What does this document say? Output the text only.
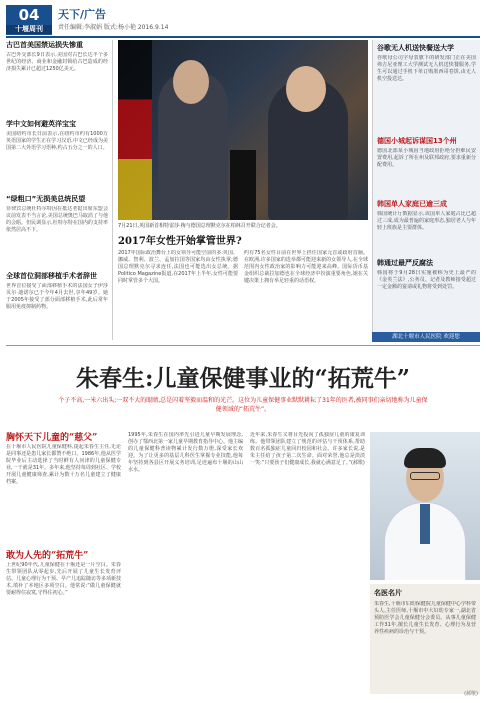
04
十堰周刊
天下/广告
责任编辑:李淑娟 版式:杨小艳 2016.9.14
古巴首美国禁运损失惨重

古巴外交部长9日表示,美国对古巴长达半个多世纪的经济、商业和金融封锁给古巴造成的经济损失累计已超过1250亿美元。

学中文如何避英洋宝宝

美国纽约市长日前表示,在纽约市约有1000万英语国家的学生正在学习汉语,中文已经成为美国第二大外语学习语种,约占五分之一的人口。

“绿粗口”无损美总统民望

菲律宾总统杜特尔特因在抵达老挝出席东盟会议前发表不当言论,美国总统奥巴马取消了与他的会晤。但民调显示,杜特尔特在国内的支持率依然居高不下。

全球首位洞部移植手术者辞世

世界首位接受了面部移植手术的法国女子伊莎贝尔·迪诺尔已于今年4月去世,享年49岁。她于2005年接受了部分面部移植手术,此后常年服用免疫抑制药物。

7月21日,英国新首相特雷莎·梅与德国总理默克尔在柏林召开联合记者会。
2017年女性开始掌管世界?
2017年国际政治舞台上的女领导可能空前的多:英国、挪威、智利、波兰、孟加拉国等国家均由女性执掌;德国总理默克尔寻求连任,法国也可能选出女总统。据Politico Magazine报道,在2017年上半年,女性可能要同时掌管多个大国。
约有75名女性目前在世界上担任国家元首或政府首脑。在欧洲,许多国家的选举都可能迎来新的女领导人,在全球范围内女性政治家的影响力可能迎来高峰。国际货币基金组织总裁拉加德也在全球经济中扮演重要角色,她在关键决策上拥有举足轻重的话语权。
谷歌无人机送快餐送大学

谷歌母公司字母表旗下的研发部门正在美国弗吉尼亚理工大学测试无人机送快餐服务,学生可以通过手机下单订购墨西哥卷饼,由无人机空投送达。

德国小城起诉谋国13个州

德国北部某小城因当地政府拒绝分担难民安置费用,起诉了所在州及联邦政府,要求重新分配费用。

韩国单人家庭已逾三成

韩国统计厅数据显示,该国单人家庭占比已超过三成,成为最普遍的家庭形态,独居老人与年轻上班族是主要群体。

韩通过最严反腐法

韩国将于9月28日实施被称为史上最严的《金英兰法》,公务员、记者及教师接受超过一定金额的宴请或礼物将受到处罚。

湖北十堰市人民医院 欢迎您
朱春生:儿童保健事业的“拓荒牛”
个子不高,一米六出头;一双不大的眼睛,总是闪着坚毅而温和的光芒。这位为儿童保健事业默默耕耘了31年的医者,被同事们亲切地称为儿童保健领域的“拓荒牛”。
胸怀天下儿童的“慈父”
在十堰市人民医院儿童保健科,提起朱春生主任,无论是同事还是患儿家长都赞不绝口。1986年,他从医学院毕业后主动选择了当时鲜有人问津的儿童保健专业,一干就是31年。多年来,他坚持每周到社区、学校开展儿童健康筛查,累计为数十万名儿童建立了健康档案。
敢为人先的“拓荒牛”
上世纪90年代,儿童保健在十堰还是一片空白。朱春生带领团队从零起步,先后开展了儿童生长发育评估、儿童心理行为干预、早产儿追踪随访等多项新技术,填补了本地区多项空白。他常说:“做儿童保健就要耐得住寂寞,守得住初心。”
1995年,朱春生在国内率先引进儿童早期发展理念,创办了鄂西北第一家儿童早期教育指导中心。他主编的儿童保健科普读物累计发行数万册,深受家长欢迎。为了让更多的基层儿科医生掌握专业技能,他每年坚持到各县区开展义务培训,足迹遍布十堰的山山水水。
近年来,朱春生又将目光投向了孤独症儿童的康复训练。他带领团队建立了规范的评估与干预体系,帮助数百名孤独症儿童回归校园和社会。许多家长说,是朱主任给了孩子第二次生命。面对荣誉,他总是淡淡一笑:“只要孩子们健康成长,我就心满意足了。”(郝歌)
名医名片

朱春生,十堰市妇幼保健院儿童保健中心学科带头人,主任医师,十堰市中大妇幼专家一,湖北省预防医学会儿童保健分会委员。从事儿童保健工作31年,擅长儿童生长发育、心理行为及营养性疾病的诊治与干预。

(郝歌)
